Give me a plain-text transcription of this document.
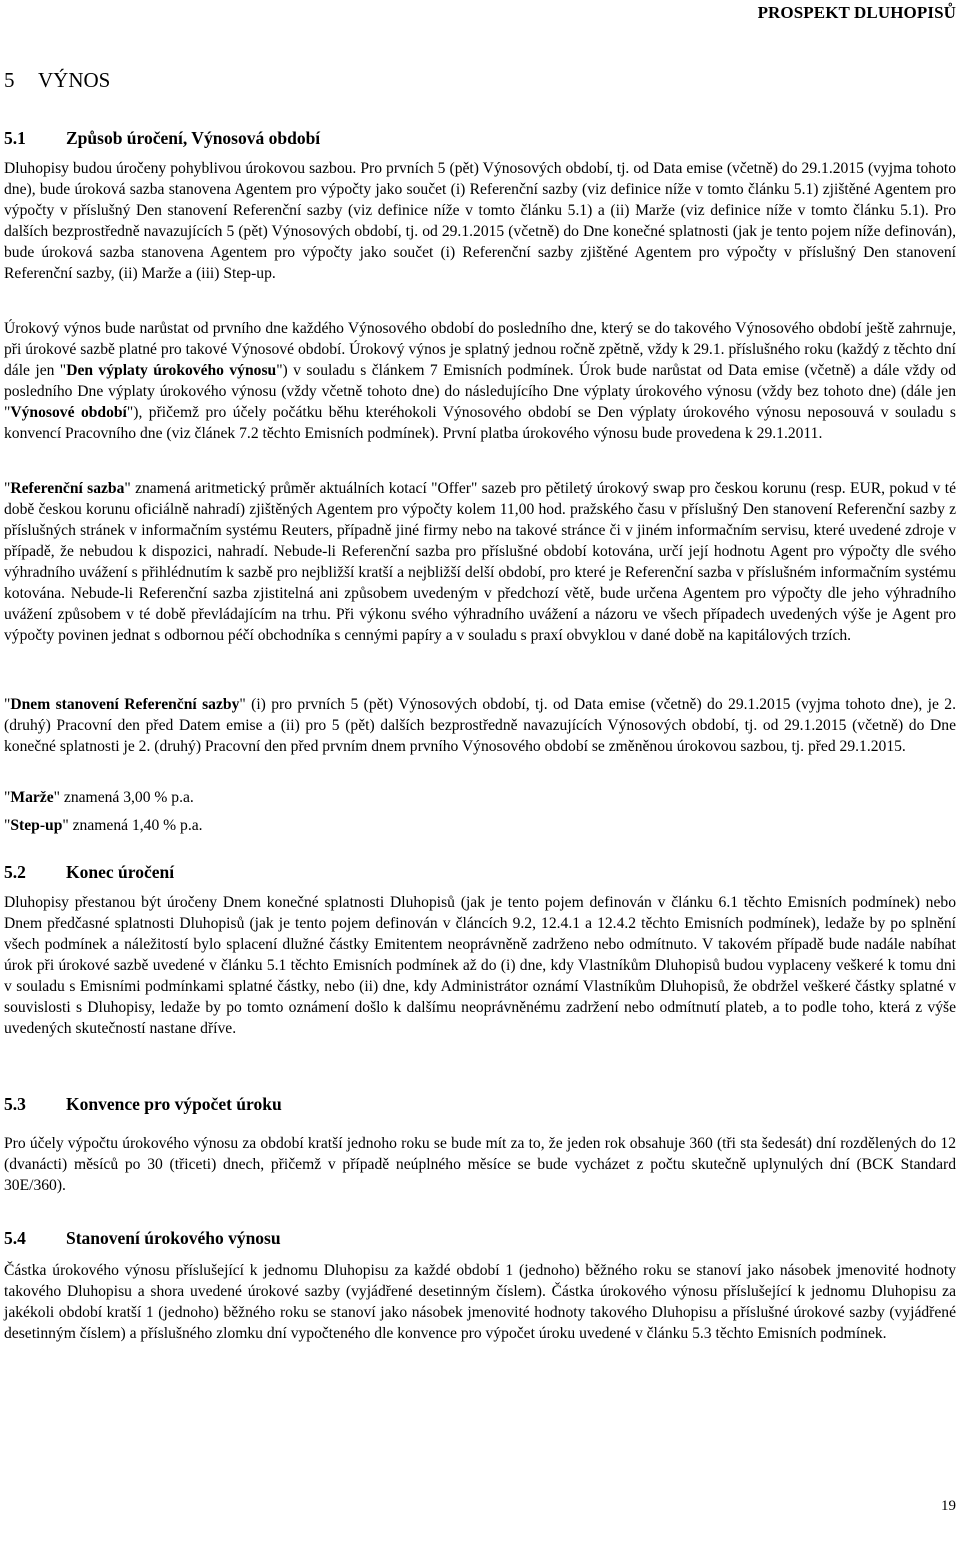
PROSPEKT DLUHOPISŮ
5 VÝNOS
5.1 Způsob úročení, Výnosová období

Dluhopisy budou úročeny pohyblivou úrokovou sazbou. Pro prvních 5 (pět) Výnosových období, tj. od Data emise (včetně) do 29.1.2015 (vyjma tohoto dne), bude úroková sazba stanovena Agentem pro výpočty jako součet (i) Referenční sazby (viz definice níže v tomto článku 5.1) zjištěné Agentem pro výpočty v příslušný Den stanovení Referenční sazby (viz definice níže v tomto článku 5.1) a (ii) Marže (viz definice níže v tomto článku 5.1). Pro dalších bezprostředně navazujících 5 (pět) Výnosových období, tj. od 29.1.2015 (včetně) do Dne konečné splatnosti (jak je tento pojem níže definován), bude úroková sazba stanovena Agentem pro výpočty jako součet (i) Referenční sazby zjištěné Agentem pro výpočty v příslušný Den stanovení Referenční sazby, (ii) Marže a (iii) Step-up.

Úrokový výnos bude narůstat od prvního dne každého Výnosového období do posledního dne, který se do takového Výnosového období ještě zahrnuje, při úrokové sazbě platné pro takové Výnosové období. Úrokový výnos je splatný jednou ročně zpětně, vždy k 29.1. příslušného roku (každý z těchto dní dále jen "Den výplaty úrokového výnosu") v souladu s článkem 7 Emisních podmínek. Úrok bude narůstat od Data emise (včetně) a dále vždy od posledního Dne výplaty úrokového výnosu (vždy včetně tohoto dne) do následujícího Dne výplaty úrokového výnosu (vždy bez tohoto dne) (dále jen "Výnosové období"), přičemž pro účely počátku běhu kteréhokoli Výnosového období se Den výplaty úrokového výnosu neposouvá v souladu s konvencí Pracovního dne (viz článek 7.2 těchto Emisních podmínek). První platba úrokového výnosu bude provedena k 29.1.2011.

"Referenční sazba" znamená aritmetický průměr aktuálních kotací "Offer" sazeb pro pětiletý úrokový swap pro českou korunu (resp. EUR, pokud v té době českou korunu oficiálně nahradí) zjištěných Agentem pro výpočty kolem 11,00 hod. pražského času v příslušný Den stanovení Referenční sazby z příslušných stránek v informačním systému Reuters, případně jiné firmy nebo na takové stránce či v jiném informačním servisu, které uvedené zdroje v případě, že nebudou k dispozici, nahradí. Nebude-li Referenční sazba pro příslušné období kotována, určí její hodnotu Agent pro výpočty dle svého výhradního uvážení s přihlédnutím k sazbě pro nejbližší kratší a nejbližší delší období, pro které je Referenční sazba v příslušném informačním systému kotována. Nebude-li Referenční sazba zjistitelná ani způsobem uvedeným v předchozí větě, bude určena Agentem pro výpočty dle jeho výhradního uvážení způsobem v té době převládajícím na trhu. Při výkonu svého výhradního uvážení a názoru ve všech případech uvedených výše je Agent pro výpočty povinen jednat s odbornou péčí obchodníka s cennými papíry a v souladu s praxí obvyklou v dané době na kapitálových trzích.

"Dnem stanovení Referenční sazby" (i) pro prvních 5 (pět) Výnosových období, tj. od Data emise (včetně) do 29.1.2015 (vyjma tohoto dne), je 2. (druhý) Pracovní den před Datem emise a (ii) pro 5 (pět) dalších bezprostředně navazujících Výnosových období, tj. od 29.1.2015 (včetně) do Dne konečné splatnosti je 2. (druhý) Pracovní den před prvním dnem prvního Výnosového období se změněnou úrokovou sazbou, tj. před 29.1.2015.

"Marže" znamená 3,00 % p.a.

"Step-up" znamená 1,40 % p.a.

5.2 Konec úročení

Dluhopisy přestanou být úročeny Dnem konečné splatnosti Dluhopisů (jak je tento pojem definován v článku 6.1 těchto Emisních podmínek) nebo Dnem předčasné splatnosti Dluhopisů (jak je tento pojem definován v článcích 9.2, 12.4.1 a 12.4.2 těchto Emisních podmínek), ledaže by po splnění všech podmínek a náležitostí bylo splacení dlužné částky Emitentem neoprávněně zadrženo nebo odmítnuto. V takovém případě bude nadále nabíhat úrok při úrokové sazbě uvedené v článku 5.1 těchto Emisních podmínek až do (i) dne, kdy Vlastníkům Dluhopisů budou vyplaceny veškeré k tomu dni v souladu s Emisními podmínkami splatné částky, nebo (ii) dne, kdy Administrátor oznámí Vlastníkům Dluhopisů, že obdržel veškeré částky splatné v souvislosti s Dluhopisy, ledaže by po tomto oznámení došlo k dalšímu neoprávněnému zadržení nebo odmítnutí plateb, a to podle toho, která z výše uvedených skutečností nastane dříve.

5.3 Konvence pro výpočet úroku

Pro účely výpočtu úrokového výnosu za období kratší jednoho roku se bude mít za to, že jeden rok obsahuje 360 (tři sta šedesát) dní rozdělených do 12 (dvanácti) měsíců po 30 (třiceti) dnech, přičemž v případě neúplného měsíce se bude vycházet z počtu skutečně uplynulých dní (BCK Standard 30E/360).

5.4 Stanovení úrokového výnosu

Částka úrokového výnosu příslušející k jednomu Dluhopisu za každé období 1 (jednoho) běžného roku se stanoví jako násobek jmenovité hodnoty takového Dluhopisu a shora uvedené úrokové sazby (vyjádřené desetinným číslem). Částka úrokového výnosu příslušející k jednomu Dluhopisu za jakékoli období kratší 1 (jednoho) běžného roku se stanoví jako násobek jmenovité hodnoty takového Dluhopisu a příslušné úrokové sazby (vyjádřené desetinným číslem) a příslušného zlomku dní vypočteného dle konvence pro výpočet úroku uvedené v článku 5.3 těchto Emisních podmínek.

19
